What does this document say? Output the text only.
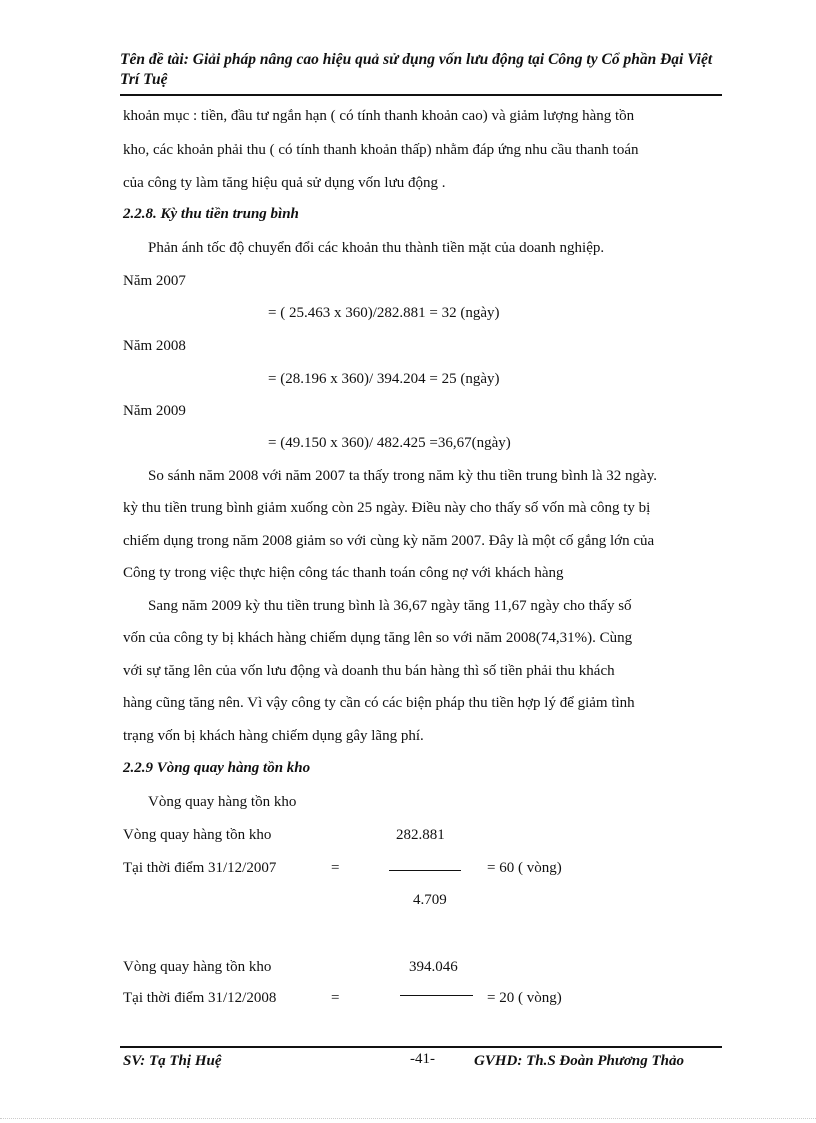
Tên đề tài: Giải pháp nâng cao hiệu quả sử dụng vốn lưu động tại Công ty Cổ phần Đại Việt Trí Tuệ
khoản mục : tiền, đầu tư ngắn hạn ( có tính thanh khoản cao) và giảm lượng hàng tồn
kho, các khoản phải thu ( có tính thanh khoản thấp) nhằm đáp ứng nhu cầu thanh toán
của công ty làm tăng hiệu quả sử dụng vốn lưu động .
2.2.8. Kỳ thu tiền trung bình
Phản ánh tốc độ chuyển đổi các khoản thu thành tiền mặt của doanh nghiệp.
Năm 2007
= ( 25.463 x 360)/282.881 = 32 (ngày)
Năm 2008
= (28.196 x 360)/ 394.204 = 25 (ngày)
Năm 2009
= (49.150 x 360)/ 482.425 =36,67(ngày)
So sánh năm 2008 với năm 2007 ta thấy trong năm kỳ thu tiền trung bình là 32 ngày.
kỳ thu tiền trung bình giảm xuống còn 25 ngày. Điều này cho thấy số vốn mà công ty bị
chiếm dụng trong năm 2008 giảm so với cùng kỳ năm 2007. Đây là một cố gắng lớn của
Công ty trong việc thực hiện công tác thanh toán công nợ với khách hàng
Sang năm 2009 kỳ thu tiền trung bình là 36,67 ngày tăng 11,67 ngày cho thấy số
vốn của công ty bị khách hàng chiếm dụng tăng lên so với năm 2008(74,31%). Cùng
với sự tăng lên của vốn lưu động và doanh thu bán hàng thì số tiền phải thu khách
hàng cũng tăng nên. Vì vậy công ty cần có các biện pháp thu tiền hợp lý để giảm tình
trạng vốn bị khách hàng chiếm dụng gây lãng phí.
2.2.9 Vòng quay hàng tồn kho
Vòng quay hàng tồn kho
Vòng quay hàng tồn kho	282.881
Tại thời điểm 31/12/2007	=	= 60 ( vòng)
4.709
Vòng quay hàng tồn kho	394.046
Tại thời điểm 31/12/2008	=	= 20 ( vòng)
SV: Tạ Thị Huệ	-41-	GVHD: Th.S Đoàn Phương Thảo
